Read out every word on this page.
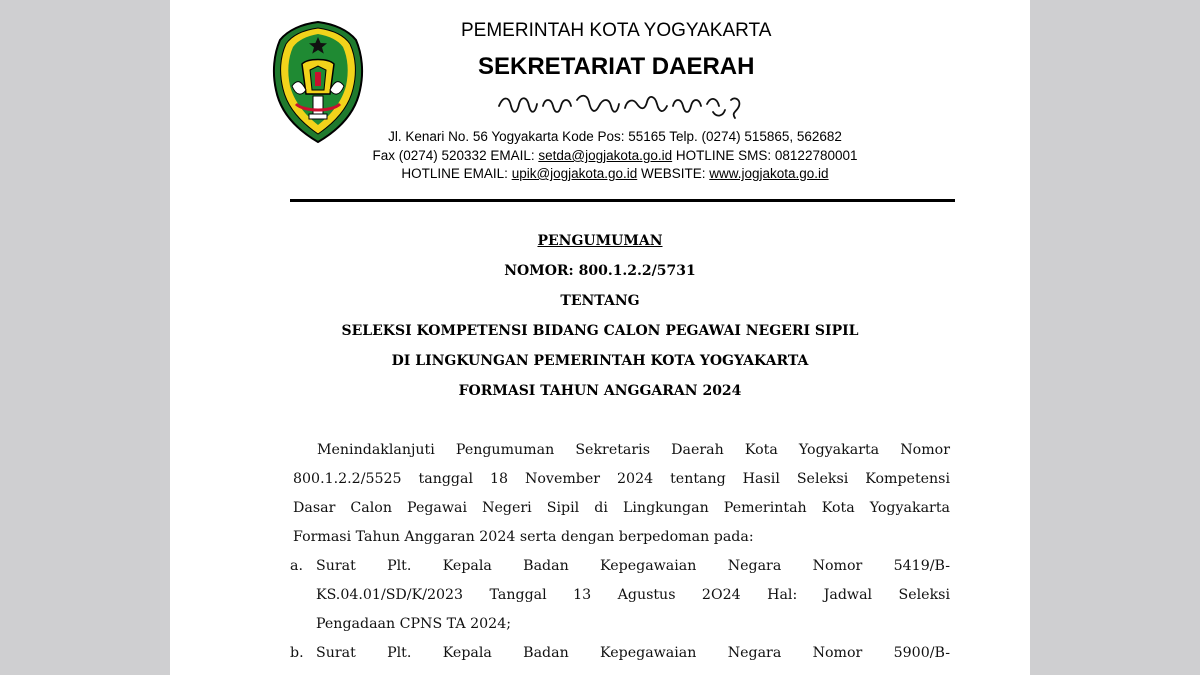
PEMERINTAH KOTA YOGYAKARTA
SEKRETARIAT DAERAH
Jl. Kenari No. 56 Yogyakarta Kode Pos: 55165 Telp. (0274) 515865, 562682
Fax (0274) 520332 EMAIL: setda@jogjakota.go.id HOTLINE SMS: 08122780001
HOTLINE EMAIL: upik@jogjakota.go.id WEBSITE: www.jogjakota.go.id
PENGUMUMAN
NOMOR: 800.1.2.2/5731
TENTANG
SELEKSI KOMPETENSI BIDANG CALON PEGAWAI NEGERI SIPIL
DI LINGKUNGAN PEMERINTAH KOTA YOGYAKARTA
FORMASI TAHUN ANGGARAN 2024
Menindaklanjuti Pengumuman Sekretaris Daerah Kota Yogyakarta Nomor
800.1.2.2/5525 tanggal 18 November 2024 tentang Hasil Seleksi Kompetensi
Dasar Calon Pegawai Negeri Sipil di Lingkungan Pemerintah Kota Yogyakarta
Formasi Tahun Anggaran 2024 serta dengan berpedoman pada:
a. Surat Plt. Kepala Badan Kepegawaian Negara Nomor 5419/B-
KS.04.01/SD/K/2023 Tanggal 13 Agustus 2O24 Hal: Jadwal Seleksi
Pengadaan CPNS TA 2024;
b. Surat Plt. Kepala Badan Kepegawaian Negara Nomor 5900/B-
